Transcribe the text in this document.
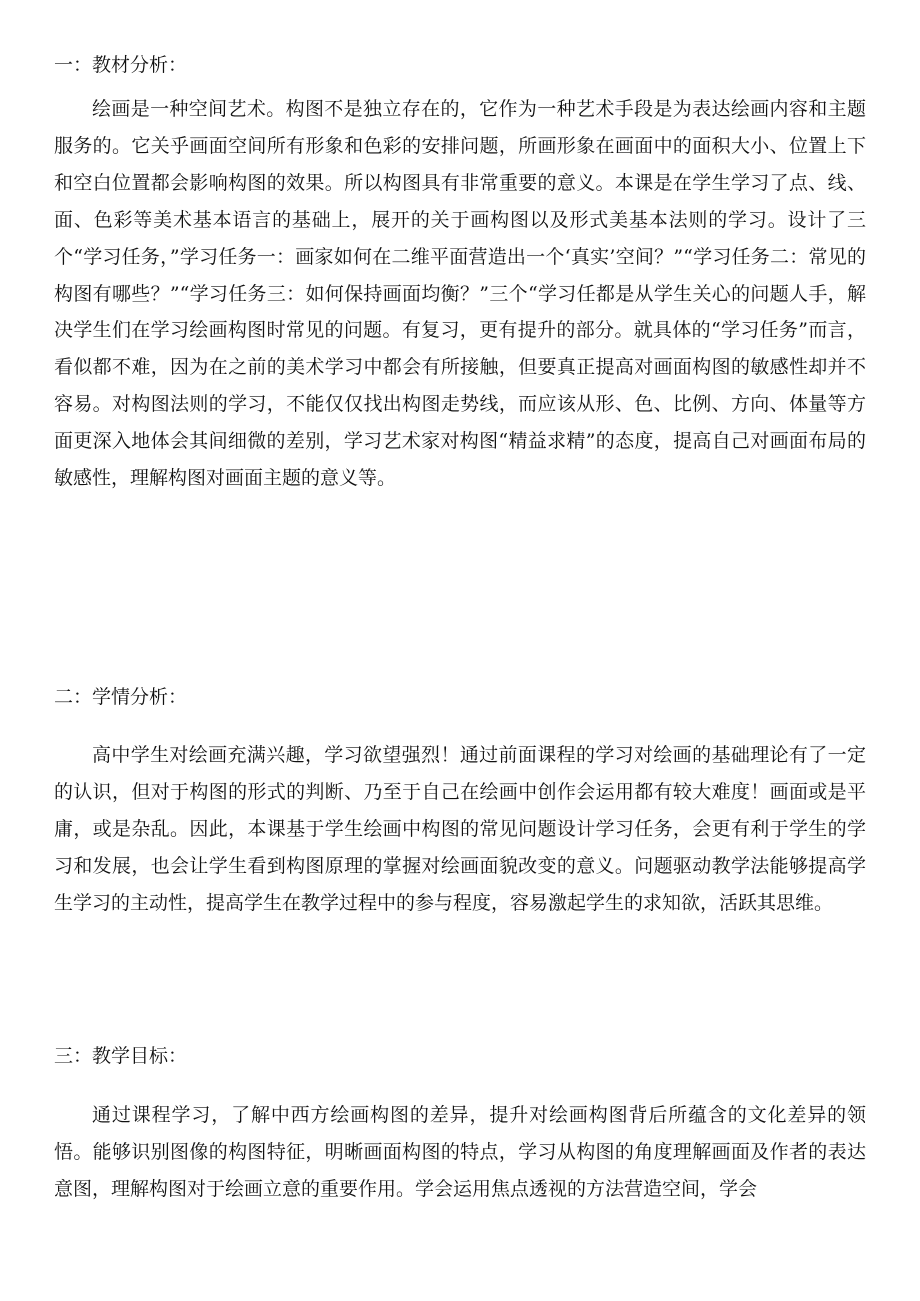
一：教材分析：

绘画是一种空间艺术。构图不是独立存在的，它作为一种艺术手段是为表达绘画内容和主题服务的。它关乎画面空间所有形象和色彩的安排问题，所画形象在画面中的面积大小、位置上下和空白位置都会影响构图的效果。所以构图具有非常重要的意义。本课是在学生学习了点、线、面、色彩等美术基本语言的基础上，展开的关于画构图以及形式美基本法则的学习。设计了三个“学习任务，”学习任务一：画家如何在二维平面营造出一个‘真实’空间？”“学习任务二：常见的构图有哪些？”“学习任务三：如何保持画面均衡？”三个“学习任都是从学生关心的问题人手，解决学生们在学习绘画构图时常见的问题。有复习，更有提升的部分。就具体的“学习任务”而言，看似都不难，因为在之前的美术学习中都会有所接触，但要真正提高对画面构图的敏感性却并不容易。对构图法则的学习，不能仅仅找出构图走势线，而应该从形、色、比例、方向、体量等方面更深入地体会其间细微的差别，学习艺术家对构图“精益求精”的态度，提高自己对画面布局的敏感性，理解构图对画面主题的意义等。

二：学情分析：

高中学生对绘画充满兴趣，学习欲望强烈！通过前面课程的学习对绘画的基础理论有了一定的认识，但对于构图的形式的判断、乃至于自己在绘画中创作会运用都有较大难度！画面或是平庸，或是杂乱。因此，本课基于学生绘画中构图的常见问题设计学习任务，会更有利于学生的学习和发展，也会让学生看到构图原理的掌握对绘画面貌改变的意义。问题驱动教学法能够提高学生学习的主动性，提高学生在教学过程中的参与程度，容易激起学生的求知欲，活跃其思维。

三：教学目标：

通过课程学习，了解中西方绘画构图的差异，提升对绘画构图背后所蕴含的文化差异的领悟。能够识别图像的构图特征，明晰画面构图的特点，学习从构图的角度理解画面及作者的表达意图，理解构图对于绘画立意的重要作用。学会运用焦点透视的方法营造空间，学会
